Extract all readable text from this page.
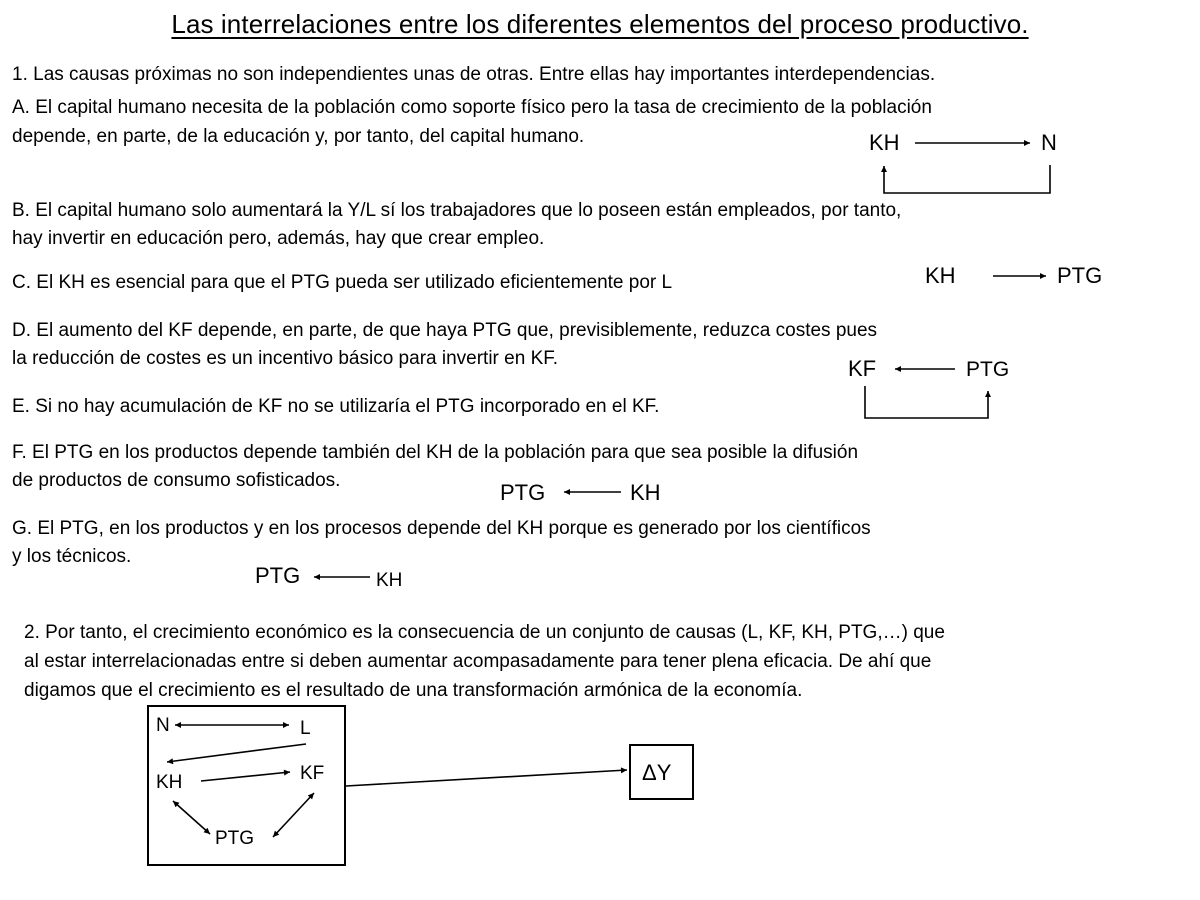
Las interrelaciones entre los diferentes elementos del proceso productivo.
1. Las causas próximas no son independientes unas de otras. Entre ellas hay importantes interdependencias.
A. El capital humano necesita de la población como soporte físico pero la tasa de crecimiento de la población
depende, en parte, de la educación y, por tanto, del capital humano.
B. El capital humano solo aumentará la Y/L sí los trabajadores que lo poseen están empleados, por tanto,
hay invertir en educación pero, además, hay que crear empleo.
C. El KH es esencial para que el PTG pueda ser utilizado eficientemente por L
D. El aumento del KF depende, en parte, de que haya PTG que, previsiblemente, reduzca costes pues
la reducción de costes es un incentivo básico para invertir en KF.
E. Si no hay acumulación de KF no se utilizaría el PTG incorporado en el KF.
F. El PTG en los productos depende también del KH de la población para que sea posible la difusión
de productos de consumo sofisticados.
G. El PTG, en los productos y en los procesos depende del KH porque es generado por los científicos
y los técnicos.
2. Por tanto, el crecimiento económico es la consecuencia de un conjunto de causas (L, KF, KH, PTG,…) que
al estar interrelacionadas entre si deben aumentar acompasadamente para tener plena eficacia. De ahí que
digamos que el crecimiento es el resultado de una transformación armónica de la economía.
KH	N
KH	PTG
KF	PTG
PTG	KH
PTG	KH
N	L
KH	KF
PTG
ΔY
